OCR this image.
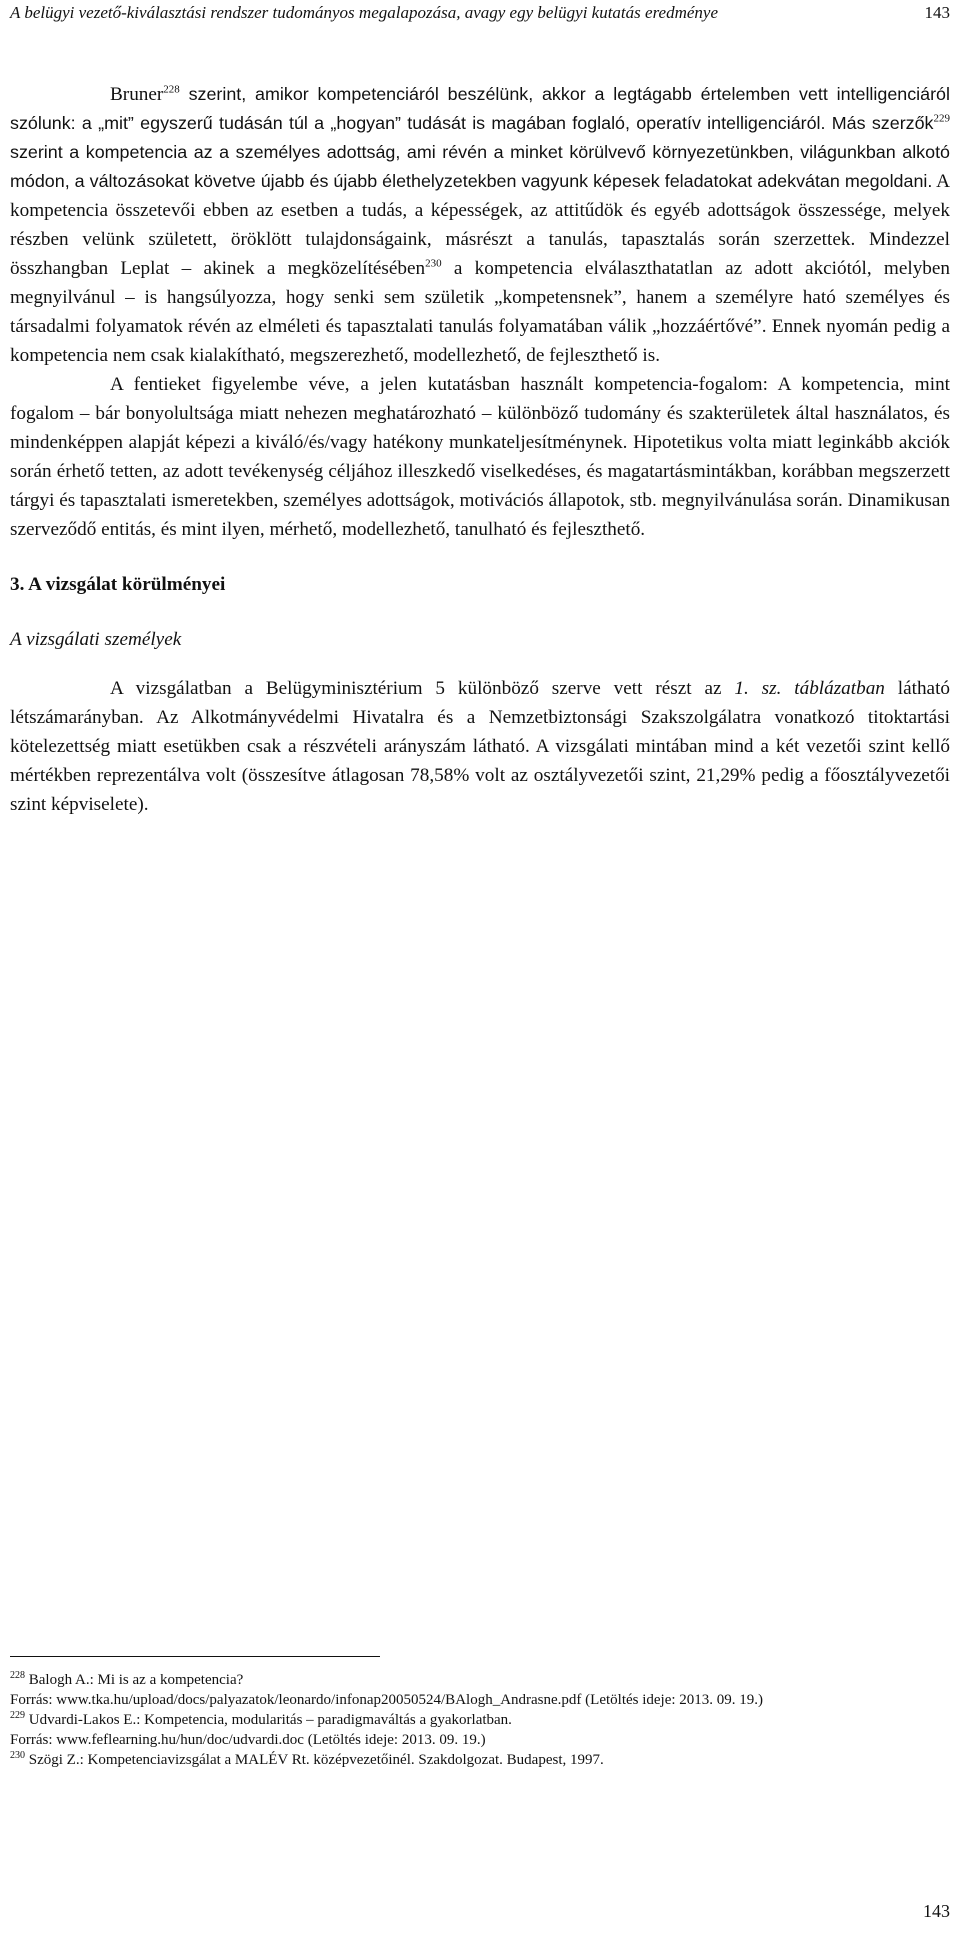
A belügyi vezető-kiválasztási rendszer tudományos megalapozása, avagy egy belügyi kutatás eredménye	143

Bruner$^{228}$ szerint, amikor kompetenciáról beszélünk, akkor a legtágabb értelemben vett intelligenciáról szólunk: a „mit” egyszerű tudásán túl a „hogyan” tudását is magában foglaló, operatív intelligenciáról. Más szerzők$^{229}$ szerint a kompetencia az a személyes adottság, ami révén a minket körülvevő környezetünkben, világunkban alkotó módon, a változásokat követve újabb és újabb élethelyzetekben vagyunk képesek feladatokat adekvátan megoldani. A kompetencia összetevői ebben az esetben a tudás, a képességek, az attitűdök és egyéb adottságok összessége, melyek részben velünk született, öröklött tulajdonságaink, másrészt a tanulás, tapasztalás során szerzettek. Mindezzel összhangban Leplat – akinek a megközelítésében$^{230}$ a kompetencia elválaszthatatlan az adott akciótól, melyben megnyilvánul – is hangsúlyozza, hogy senki sem születik „kompetensnek”, hanem a személyre ható személyes és társadalmi folyamatok révén az elméleti és tapasztalati tanulás folyamatában válik „hozzáértővé”. Ennek nyomán pedig a kompetencia nem csak kialakítható, megszerezhető, modellezhető, de fejleszthető is.

A fentieket figyelembe véve, a jelen kutatásban használt kompetencia-fogalom: A kompetencia, mint fogalom – bár bonyolultsága miatt nehezen meghatározható – különböző tudomány és szakterületek által használatos, és mindenképpen alapját képezi a kiváló/és/vagy hatékony munkateljesítménynek. Hipotetikus volta miatt leginkább akciók során érhető tetten, az adott tevékenység céljához illeszkedő viselkedéses, és magatartásmintákban, korábban megszerzett tárgyi és tapasztalati ismeretekben, személyes adottságok, motivációs állapotok, stb. megnyilvánulása során. Dinamikusan szerveződő entitás, és mint ilyen, mérhető, modellezhető, tanulható és fejleszthető.

3. A vizsgálat körülményei
A vizsgálati személyek

A vizsgálatban a Belügyminisztérium 5 különböző szerve vett részt az 1. sz. táblázatban látható létszámarányban. Az Alkotmányvédelmi Hivatalra és a Nemzetbiztonsági Szakszolgálatra vonatkozó titoktartási kötelezettség miatt esetükben csak a részvételi arányszám látható. A vizsgálati mintában mind a két vezetői szint kellő mértékben reprezentálva volt (összesítve átlagosan 78,58% volt az osztályvezetői szint, 21,29% pedig a főosztályvezetői szint képviselete).

$^{228}$ Balogh A.: Mi is az a kompetencia?
Forrás: www.tka.hu/upload/docs/palyazatok/leonardo/infonap20050524/BAlogh_Andrasne.pdf (Letöltés ideje: 2013. 09. 19.)
$^{229}$ Udvardi-Lakos E.: Kompetencia, modularitás – paradigmaváltás a gyakorlatban.
Forrás: www.feflearning.hu/hun/doc/udvardi.doc (Letöltés ideje: 2013. 09. 19.)
$^{230}$ Szögi Z.: Kompetenciavizsgálat a MALÉV Rt. középvezetőinél. Szakdolgozat. Budapest, 1997.
143
